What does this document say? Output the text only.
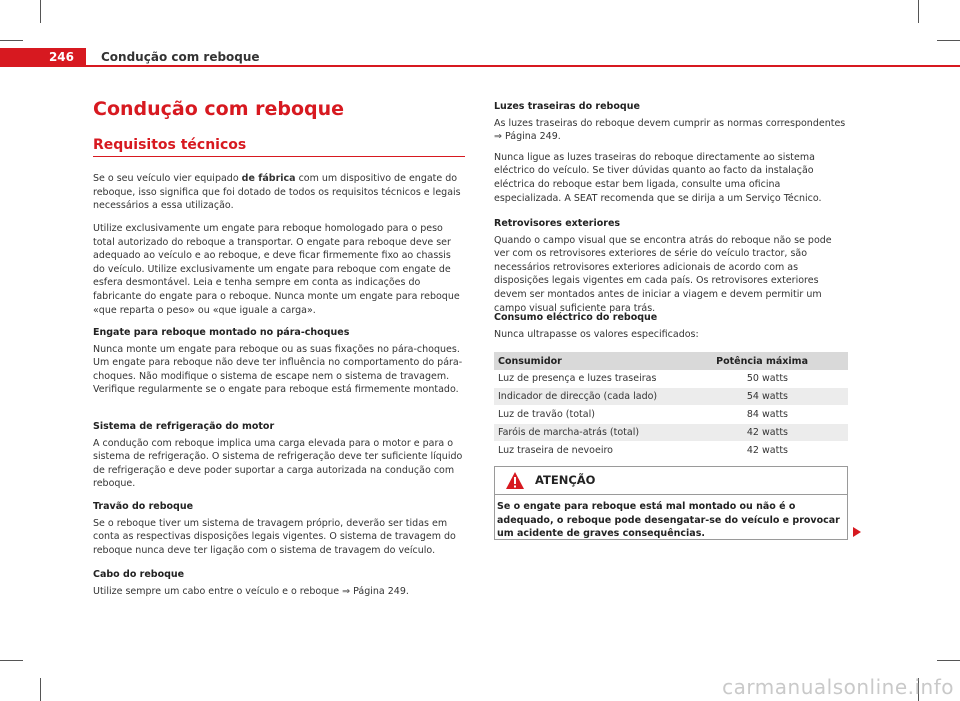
246	Condução com reboque
Condução com reboque
Requisitos técnicos

Se o seu veículo vier equipado de fábrica com um dispositivo de engate do reboque, isso significa que foi dotado de todos os requisitos técnicos e legais necessários a essa utilização.

Utilize exclusivamente um engate para reboque homologado para o peso total autorizado do reboque a transportar. O engate para reboque deve ser adequado ao veículo e ao reboque, e deve ficar firmemente fixo ao chassis do veículo. Utilize exclusivamente um engate para reboque com engate de esfera desmontável. Leia e tenha sempre em conta as indicações do fabricante do engate para o reboque. Nunca monte um engate para reboque «que reparta o peso» ou «que iguale a carga».

Engate para reboque montado no pára-choques

Nunca monte um engate para reboque ou as suas fixações no pára-choques. Um engate para reboque não deve ter influência no comportamento do pára-choques. Não modifique o sistema de escape nem o sistema de travagem. Verifique regularmente se o engate para reboque está firmemente montado.

Sistema de refrigeração do motor

A condução com reboque implica uma carga elevada para o motor e para o sistema de refrigeração. O sistema de refrigeração deve ter suficiente líquido de refrigeração e deve poder suportar a carga autorizada na condução com reboque.

Travão do reboque

Se o reboque tiver um sistema de travagem próprio, deverão ser tidas em conta as respectivas disposições legais vigentes. O sistema de travagem do reboque nunca deve ter ligação com o sistema de travagem do veículo.

Cabo do reboque

Utilize sempre um cabo entre o veículo e o reboque ⇒ Página 249.

Luzes traseiras do reboque

As luzes traseiras do reboque devem cumprir as normas correspondentes ⇒ Página 249.

Nunca ligue as luzes traseiras do reboque directamente ao sistema eléctrico do veículo. Se tiver dúvidas quanto ao facto da instalação eléctrica do reboque estar bem ligada, consulte uma oficina especializada. A SEAT recomenda que se dirija a um Serviço Técnico.

Retrovisores exteriores

Quando o campo visual que se encontra atrás do reboque não se pode ver com os retrovisores exteriores de série do veículo tractor, são necessários retrovisores exteriores adicionais de acordo com as disposições legais vigentes em cada país. Os retrovisores exteriores devem ser montados antes de iniciar a viagem e devem permitir um campo visual suficiente para trás.

Consumo eléctrico do reboque

Nunca ultrapasse os valores especificados:

Consumidor	Potência máxima
Luz de presença e luzes traseiras	50 watts
Indicador de direcção (cada lado)	54 watts
Luz de travão (total)	84 watts
Faróis de marcha-atrás (total)	42 watts
Luz traseira de nevoeiro	42 watts
ATENÇÃO
Se o engate para reboque está mal montado ou não é o adequado, o reboque pode desengatar-se do veículo e provocar um acidente de graves consequências.
carmanualsonline.info
